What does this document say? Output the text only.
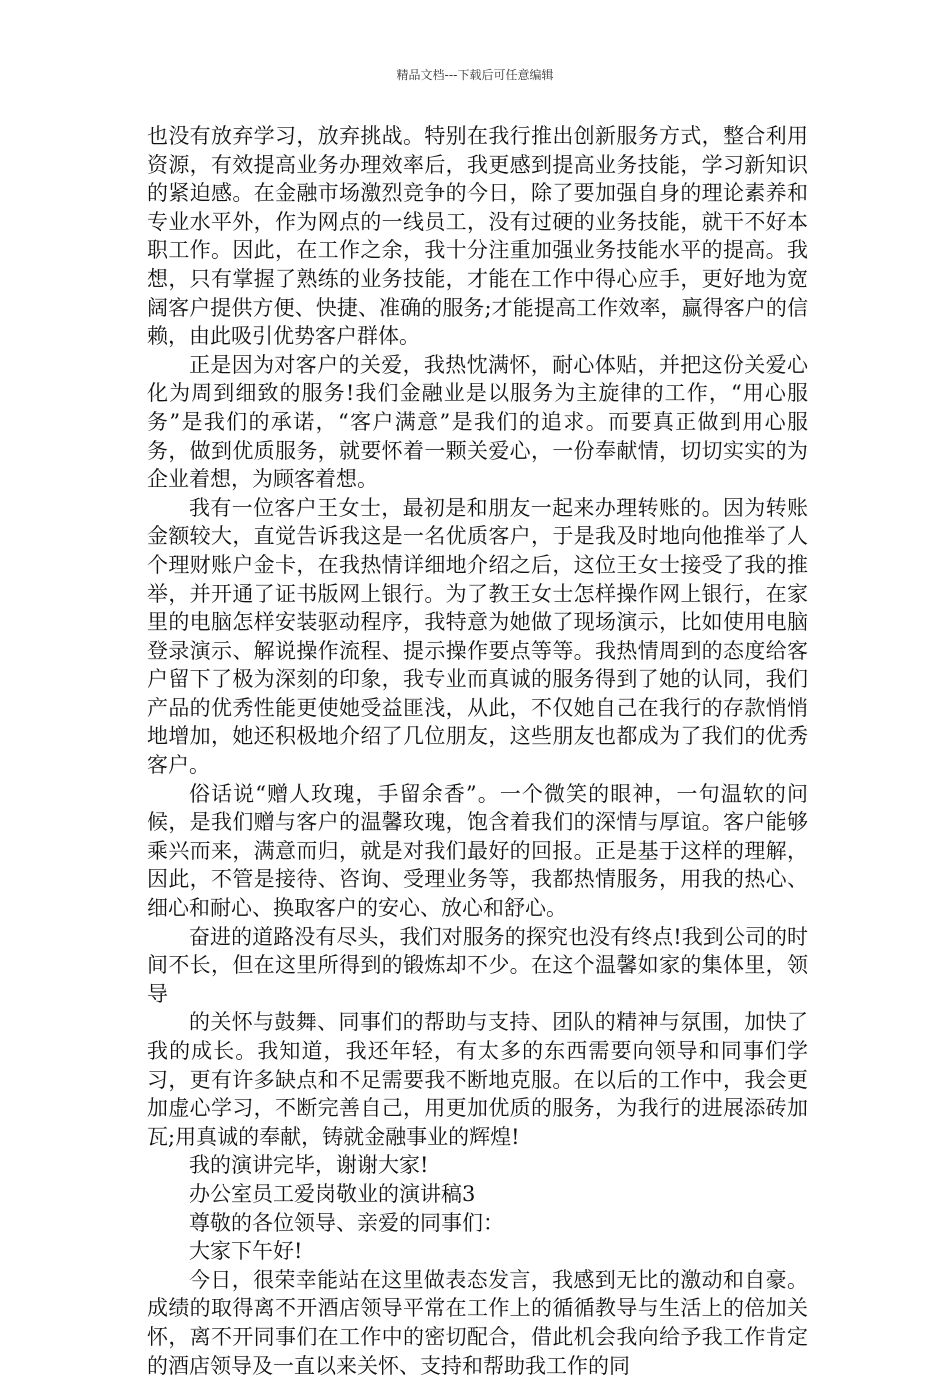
精品文档---下载后可任意编辑

也没有放弃学习，放弃挑战。特别在我行推出创新服务方式，整合利用资源，有效提高业务办理效率后，我更感到提高业务技能，学习新知识的紧迫感。在金融市场激烈竞争的今日，除了要加强自身的理论素养和专业水平外，作为网点的一线员工，没有过硬的业务技能，就干不好本职工作。因此，在工作之余，我十分注重加强业务技能水平的提高。我想，只有掌握了熟练的业务技能，才能在工作中得心应手，更好地为宽阔客户提供方便、快捷、准确的服务;才能提高工作效率，赢得客户的信赖，由此吸引优势客户群体。

正是因为对客户的关爱，我热忱满怀，耐心体贴，并把这份关爱心化为周到细致的服务!我们金融业是以服务为主旋律的工作，“用心服务”是我们的承诺，“客户满意”是我们的追求。而要真正做到用心服务，做到优质服务，就要怀着一颗关爱心，一份奉献情，切切实实的为企业着想，为顾客着想。

我有一位客户王女士，最初是和朋友一起来办理转账的。因为转账金额较大，直觉告诉我这是一名优质客户，于是我及时地向他推举了人个理财账户金卡，在我热情详细地介绍之后，这位王女士接受了我的推举，并开通了证书版网上银行。为了教王女士怎样操作网上银行，在家里的电脑怎样安装驱动程序，我特意为她做了现场演示，比如使用电脑登录演示、解说操作流程、提示操作要点等等。我热情周到的态度给客户留下了极为深刻的印象，我专业而真诚的服务得到了她的认同，我们产品的优秀性能更使她受益匪浅，从此，不仅她自己在我行的存款悄悄地增加，她还积极地介绍了几位朋友，这些朋友也都成为了我们的优秀客户。

俗话说“赠人玫瑰，手留余香”。一个微笑的眼神，一句温软的问候，是我们赠与客户的温馨玫瑰，饱含着我们的深情与厚谊。客户能够乘兴而来，满意而归，就是对我们最好的回报。正是基于这样的理解，因此，不管是接待、咨询、受理业务等，我都热情服务，用我的热心、细心和耐心、换取客户的安心、放心和舒心。

奋进的道路没有尽头，我们对服务的探究也没有终点!我到公司的时间不长，但在这里所得到的锻炼却不少。在这个温馨如家的集体里，领导

的关怀与鼓舞、同事们的帮助与支持、团队的精神与氛围，加快了我的成长。我知道，我还年轻，有太多的东西需要向领导和同事们学习，更有许多缺点和不足需要我不断地克服。在以后的工作中，我会更加虚心学习，不断完善自己，用更加优质的服务，为我行的进展添砖加瓦;用真诚的奉献，铸就金融事业的辉煌!

我的演讲完毕，谢谢大家!

办公室员工爱岗敬业的演讲稿3

尊敬的各位领导、亲爱的同事们：

大家下午好!

今日，很荣幸能站在这里做表态发言，我感到无比的激动和自豪。成绩的取得离不开酒店领导平常在工作上的循循教导与生活上的倍加关怀，离不开同事们在工作中的密切配合，借此机会我向给予我工作肯定的酒店领导及一直以来关怀、支持和帮助我工作的同
